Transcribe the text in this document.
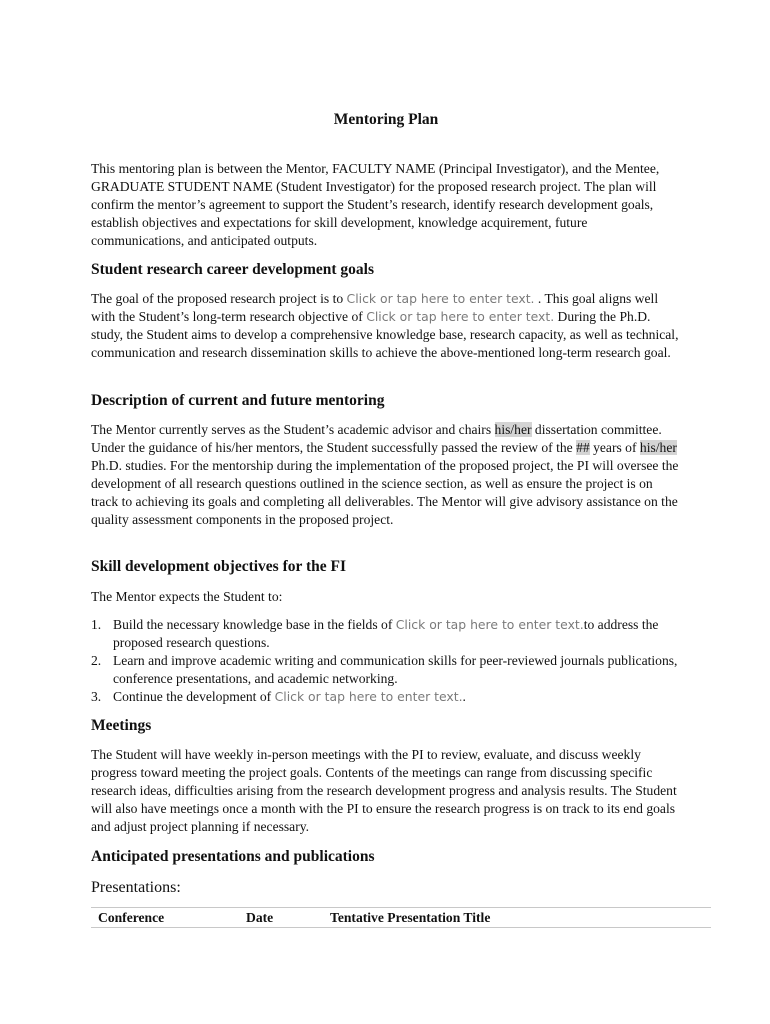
Mentoring Plan

This mentoring plan is between the Mentor, FACULTY NAME (Principal Investigator), and the Mentee, GRADUATE STUDENT NAME (Student Investigator) for the proposed research project. The plan will confirm the mentor’s agreement to support the Student’s research, identify research development goals, establish objectives and expectations for skill development, knowledge acquirement, future communications, and anticipated outputs.

Student research career development goals

The goal of the proposed research project is to Click or tap here to enter text. . This goal aligns well with the Student’s long-term research objective of Click or tap here to enter text. During the Ph.D. study, the Student aims to develop a comprehensive knowledge base, research capacity, as well as technical, communication and research dissemination skills to achieve the above-mentioned long-term research goal.

Description of current and future mentoring

The Mentor currently serves as the Student’s academic advisor and chairs his/her dissertation committee. Under the guidance of his/her mentors, the Student successfully passed the review of the ## years of his/her Ph.D. studies. For the mentorship during the implementation of the proposed project, the PI will oversee the development of all research questions outlined in the science section, as well as ensure the project is on track to achieving its goals and completing all deliverables. The Mentor will give advisory assistance on the quality assessment components in the proposed project.

Skill development objectives for the FI

The Mentor expects the Student to:

1. Build the necessary knowledge base in the fields of Click or tap here to enter text.to address the proposed research questions.
2. Learn and improve academic writing and communication skills for peer-reviewed journals publications, conference presentations, and academic networking.
3. Continue the development of Click or tap here to enter text..
Meetings

The Student will have weekly in-person meetings with the PI to review, evaluate, and discuss weekly progress toward meeting the project goals. Contents of the meetings can range from discussing specific research ideas, difficulties arising from the research development progress and analysis results. The Student will also have meetings once a month with the PI to ensure the research progress is on track to its end goals and adjust project planning if necessary.

Anticipated presentations and publications
Presentations:
Conference	Date	Tentative Presentation Title
